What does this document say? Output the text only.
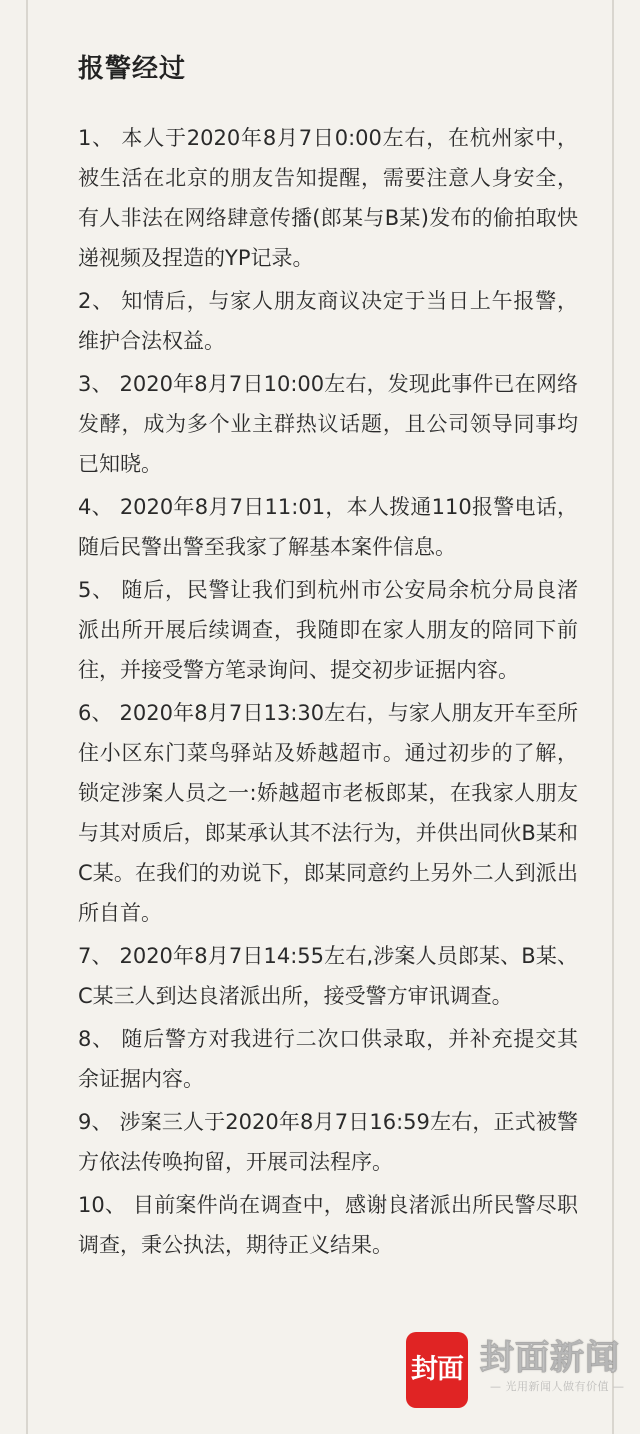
报警经过

1、 本人于2020年8月7日0:00左右，在杭州家中，被生活在北京的朋友告知提醒，需要注意人身安全，有人非法在网络肆意传播(郎某与B某)发布的偷拍取快递视频及捏造的YP记录。

2、 知情后，与家人朋友商议决定于当日上午报警，维护合法权益。

3、 2020年8月7日10:00左右，发现此事件已在网络发酵，成为多个业主群热议话题，且公司领导同事均已知晓。

4、 2020年8月7日11:01，本人拨通110报警电话，随后民警出警至我家了解基本案件信息。

5、 随后，民警让我们到杭州市公安局余杭分局良渚派出所开展后续调查，我随即在家人朋友的陪同下前往，并接受警方笔录询问、提交初步证据内容。

6、 2020年8月7日13:30左右，与家人朋友开车至所住小区东门菜鸟驿站及娇越超市。通过初步的了解，锁定涉案人员之一:娇越超市老板郎某，在我家人朋友与其对质后，郎某承认其不法行为，并供出同伙B某和C某。在我们的劝说下，郎某同意约上另外二人到派出所自首。

7、 2020年8月7日14:55左右,涉案人员郎某、B某、C某三人到达良渚派出所，接受警方审讯调查。

8、 随后警方对我进行二次口供录取，并补充提交其余证据内容。

9、 涉案三人于2020年8月7日16:59左右，正式被警方依法传唤拘留，开展司法程序。

10、 目前案件尚在调查中，感谢良渚派出所民警尽职调查，秉公执法，期待正义结果。

封面 封面新闻
— 光用新闻人做有价值 —
